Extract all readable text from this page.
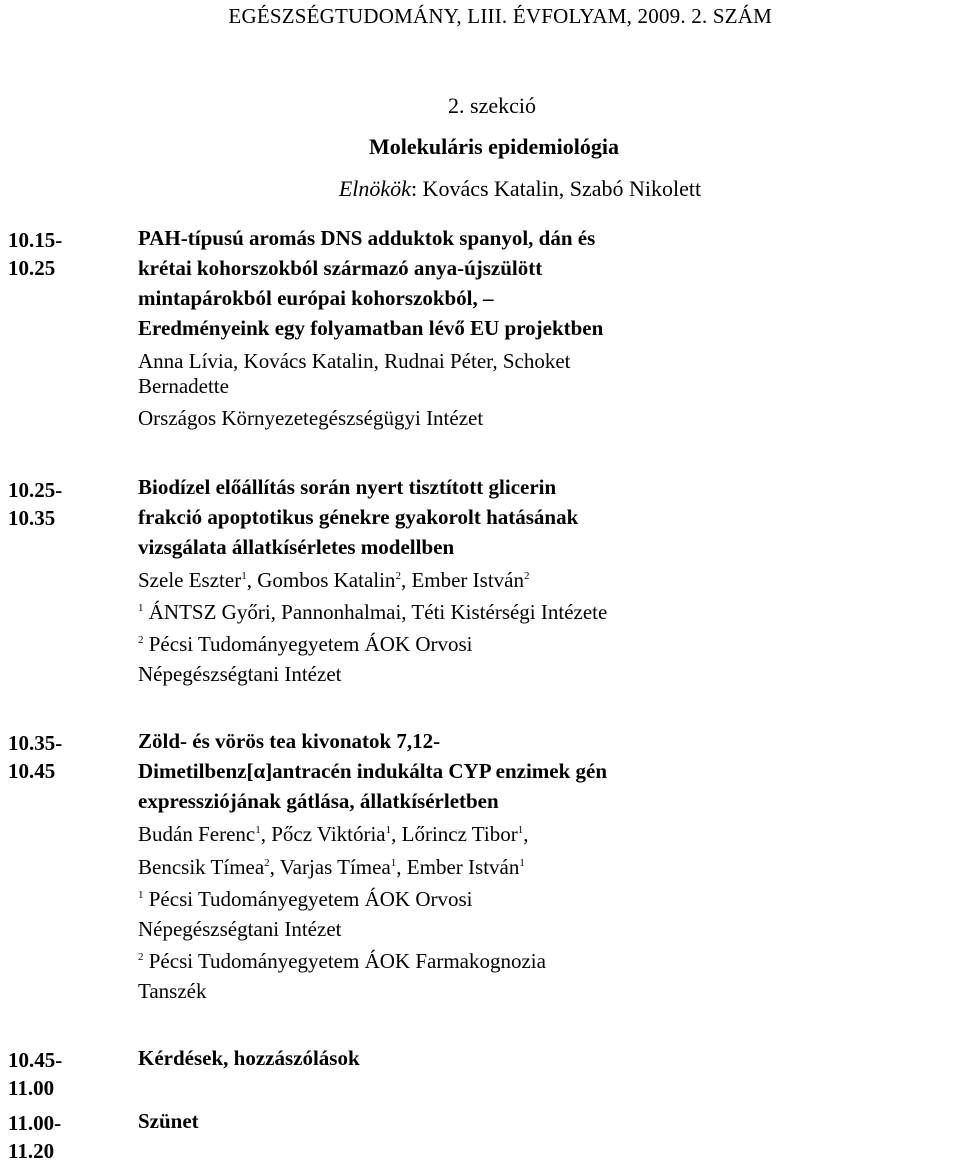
EGÉSZSÉGTUDOMÁNY, LIII. ÉVFOLYAM, 2009. 2. SZÁM
2. szekció
Molekuláris epidemiológia
Elnökök: Kovács Katalin, Szabó Nikolett
10.15-
10.25
PAH-típusú aromás DNS adduktok spanyol, dán és
krétai kohorszokból származó anya-újszülött
mintapárokból európai kohorszokból, –
Eredményeink egy folyamatban lévő EU projektben
Anna Lívia, Kovács Katalin, Rudnai Péter, Schoket
Bernadette
Országos Környezetegészségügyi Intézet
10.25-
10.35
Biodízel előállítás során nyert tisztított glicerin
frakció apoptotikus génekre gyakorolt hatásának
vizsgálata állatkísérletes modellben
Szele Eszter$^1$, Gombos Katalin$^2$, Ember István$^2$
$^1$ ÁNTSZ Győri, Pannonhalmai, Téti Kistérségi Intézete
$^2$ Pécsi Tudományegyetem ÁOK Orvosi
Népegészségtani Intézet
10.35-
10.45
Zöld- és vörös tea kivonatok 7,12-
Dimetilbenz[α]antracén indukálta CYP enzimek gén
expressziójának gátlása, állatkísérletben
Budán Ferenc$^1$, Pőcz Viktória$^1$, Lőrincz Tibor$^1$,
Bencsik Tímea$^2$, Varjas Tímea$^1$, Ember István$^1$
$^1$ Pécsi Tudományegyetem ÁOK Orvosi
Népegészségtani Intézet
$^2$ Pécsi Tudományegyetem ÁOK Farmakognozia
Tanszék
10.45-
11.00
Kérdések, hozzászólások
11.00-
11.20
Szünet
